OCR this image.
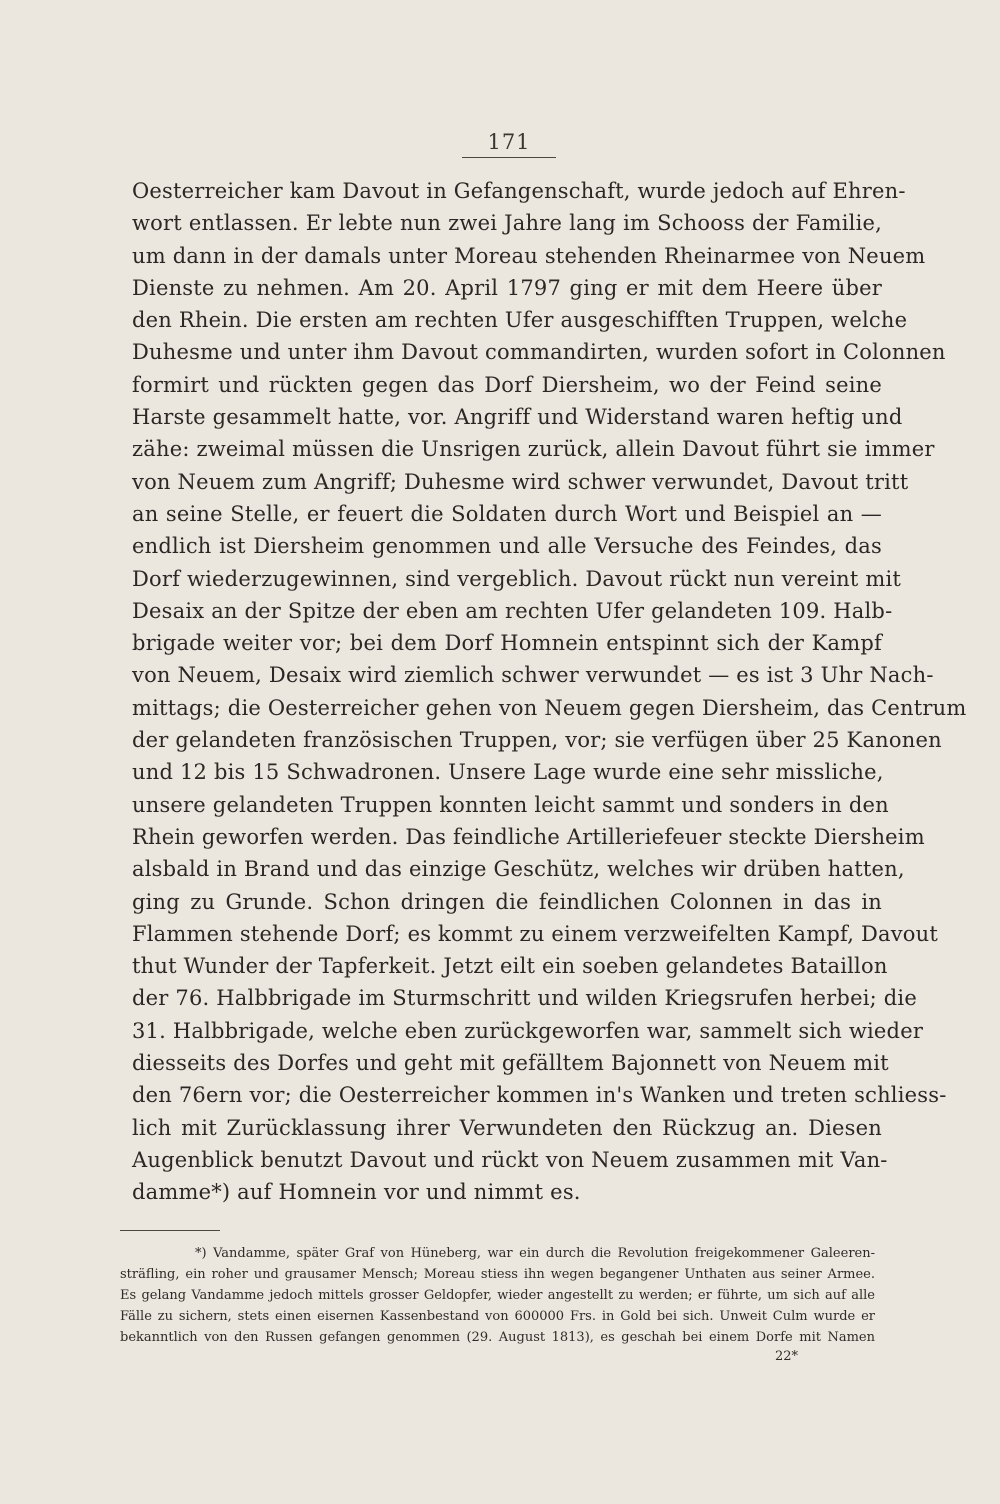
171
Oesterreicher kam Davout in Gefangenschaft, wurde jedoch auf Ehren-
wort entlassen. Er lebte nun zwei Jahre lang im Schooss der Familie,
um dann in der damals unter Moreau stehenden Rheinarmee von Neuem
Dienste zu nehmen. Am 20. April 1797 ging er mit dem Heere über
den Rhein. Die ersten am rechten Ufer ausgeschifften Truppen, welche
Duhesme und unter ihm Davout commandirten, wurden sofort in Colonnen
formirt und rückten gegen das Dorf Diersheim, wo der Feind seine
Harste gesammelt hatte, vor. Angriff und Widerstand waren heftig und
zähe: zweimal müssen die Unsrigen zurück, allein Davout führt sie immer
von Neuem zum Angriff; Duhesme wird schwer verwundet, Davout tritt
an seine Stelle, er feuert die Soldaten durch Wort und Beispiel an —
endlich ist Diersheim genommen und alle Versuche des Feindes, das
Dorf wiederzugewinnen, sind vergeblich. Davout rückt nun vereint mit
Desaix an der Spitze der eben am rechten Ufer gelandeten 109. Halb-
brigade weiter vor; bei dem Dorf Homnein entspinnt sich der Kampf
von Neuem, Desaix wird ziemlich schwer verwundet — es ist 3 Uhr Nach-
mittags; die Oesterreicher gehen von Neuem gegen Diersheim, das Centrum
der gelandeten französischen Truppen, vor; sie verfügen über 25 Kanonen
und 12 bis 15 Schwadronen. Unsere Lage wurde eine sehr missliche,
unsere gelandeten Truppen konnten leicht sammt und sonders in den
Rhein geworfen werden. Das feindliche Artilleriefeuer steckte Diersheim
alsbald in Brand und das einzige Geschütz, welches wir drüben hatten,
ging zu Grunde. Schon dringen die feindlichen Colonnen in das in
Flammen stehende Dorf; es kommt zu einem verzweifelten Kampf, Davout
thut Wunder der Tapferkeit. Jetzt eilt ein soeben gelandetes Bataillon
der 76. Halbbrigade im Sturmschritt und wilden Kriegsrufen herbei; die
31. Halbbrigade, welche eben zurückgeworfen war, sammelt sich wieder
diesseits des Dorfes und geht mit gefälltem Bajonnett von Neuem mit
den 76ern vor; die Oesterreicher kommen in's Wanken und treten schliess-
lich mit Zurücklassung ihrer Verwundeten den Rückzug an. Diesen
Augenblick benutzt Davout und rückt von Neuem zusammen mit Van-
damme*) auf Homnein vor und nimmt es.
*) Vandamme, später Graf von Hüneberg, war ein durch die Revolution freigekommener Galeeren-
sträfling, ein roher und grausamer Mensch; Moreau stiess ihn wegen begangener Unthaten aus seiner Armee.
Es gelang Vandamme jedoch mittels grosser Geldopfer, wieder angestellt zu werden; er führte, um sich auf alle
Fälle zu sichern, stets einen eisernen Kassenbestand von 600000 Frs. in Gold bei sich. Unweit Culm wurde er
bekanntlich von den Russen gefangen genommen (29. August 1813), es geschah bei einem Dorfe mit Namen
22*
